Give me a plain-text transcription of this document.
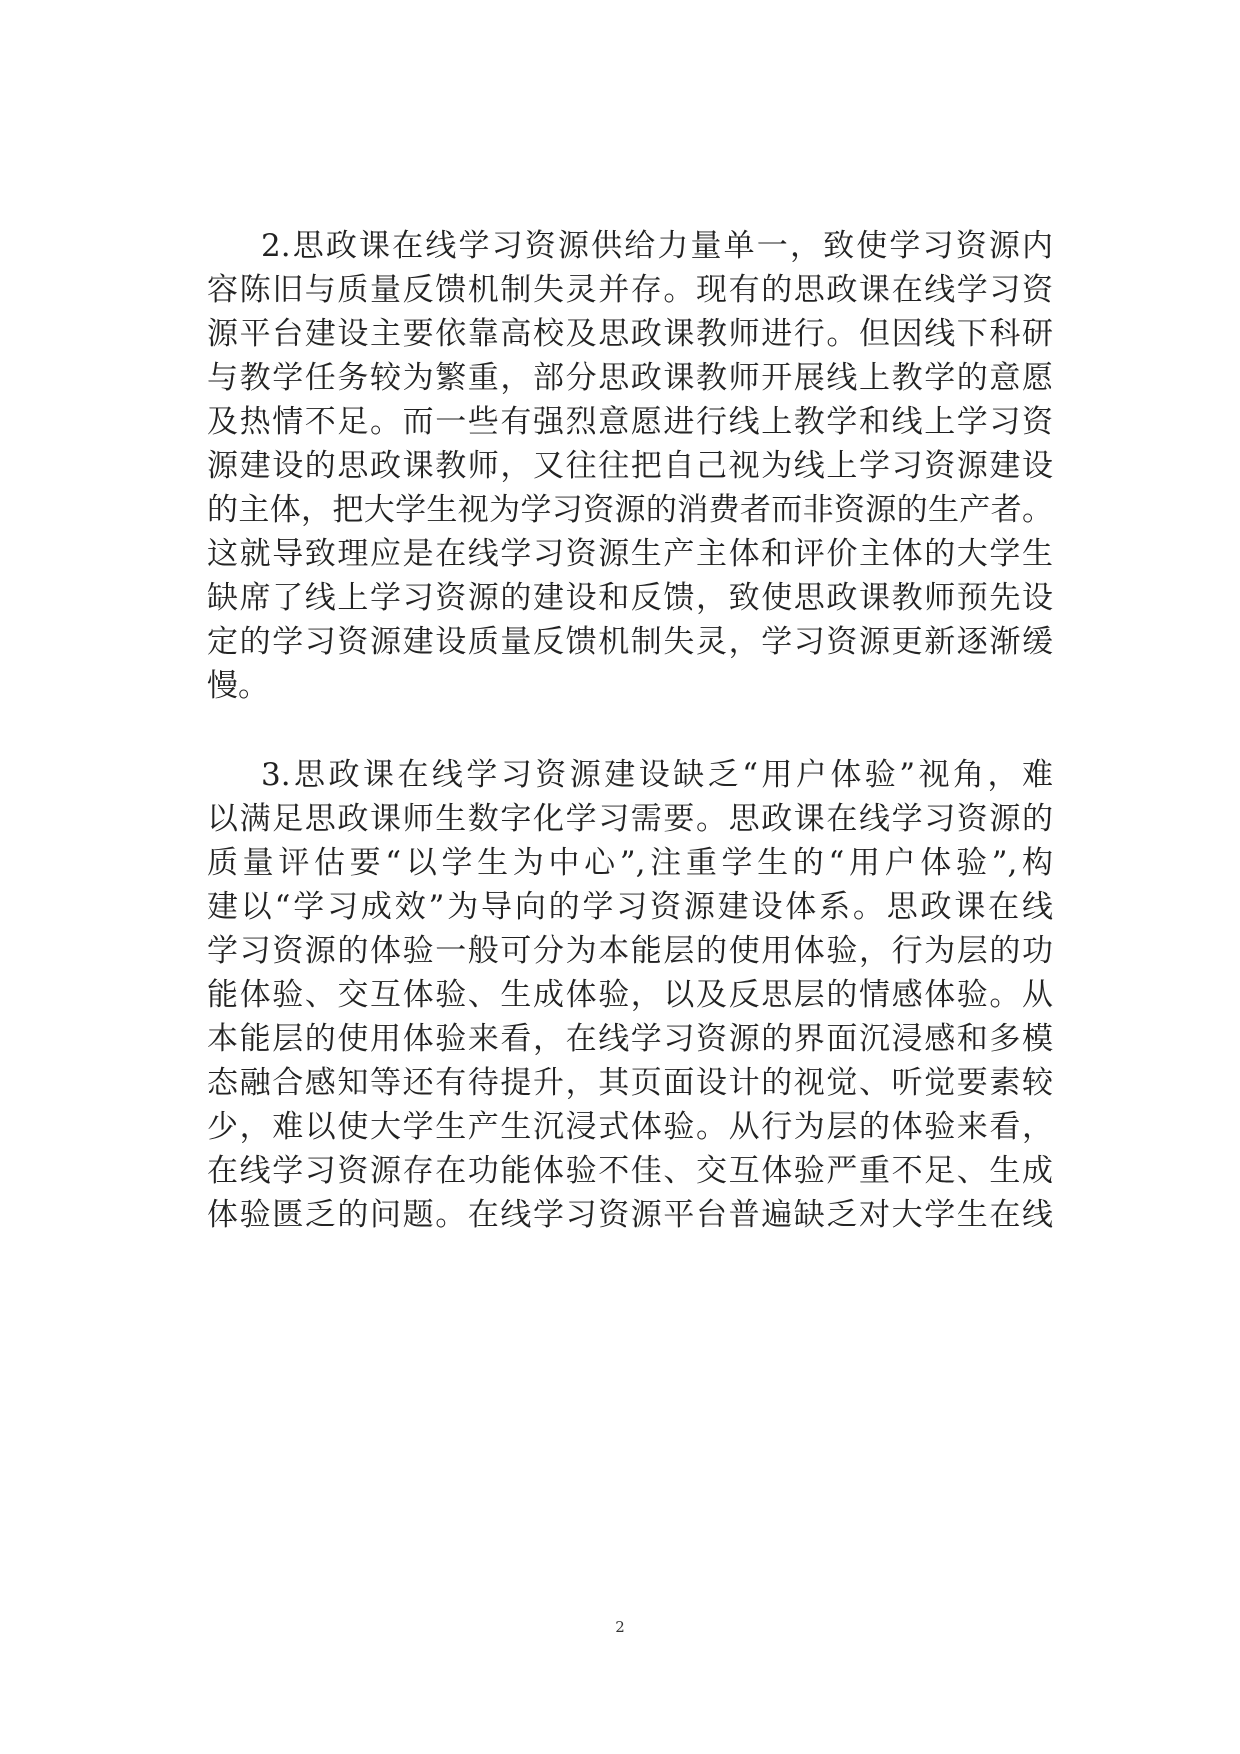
2.思政课在线学习资源供给力量单一，致使学习资源内
容陈旧与质量反馈机制失灵并存。现有的思政课在线学习资
源平台建设主要依靠高校及思政课教师进行。但因线下科研
与教学任务较为繁重，部分思政课教师开展线上教学的意愿
及热情不足。而一些有强烈意愿进行线上教学和线上学习资
源建设的思政课教师，又往往把自己视为线上学习资源建设
的主体，把大学生视为学习资源的消费者而非资源的生产者。
这就导致理应是在线学习资源生产主体和评价主体的大学生
缺席了线上学习资源的建设和反馈，致使思政课教师预先设
定的学习资源建设质量反馈机制失灵，学习资源更新逐渐缓
慢。
3.思政课在线学习资源建设缺乏“用户体验”视角，难
以满足思政课师生数字化学习需要。思政课在线学习资源的
质量评估要“以学生为中心”,注重学生的“用户体验”,构
建以“学习成效”为导向的学习资源建设体系。思政课在线
学习资源的体验一般可分为本能层的使用体验，行为层的功
能体验、交互体验、生成体验，以及反思层的情感体验。从
本能层的使用体验来看，在线学习资源的界面沉浸感和多模
态融合感知等还有待提升，其页面设计的视觉、听觉要素较
少，难以使大学生产生沉浸式体验。从行为层的体验来看，
在线学习资源存在功能体验不佳、交互体验严重不足、生成
体验匮乏的问题。在线学习资源平台普遍缺乏对大学生在线
2
